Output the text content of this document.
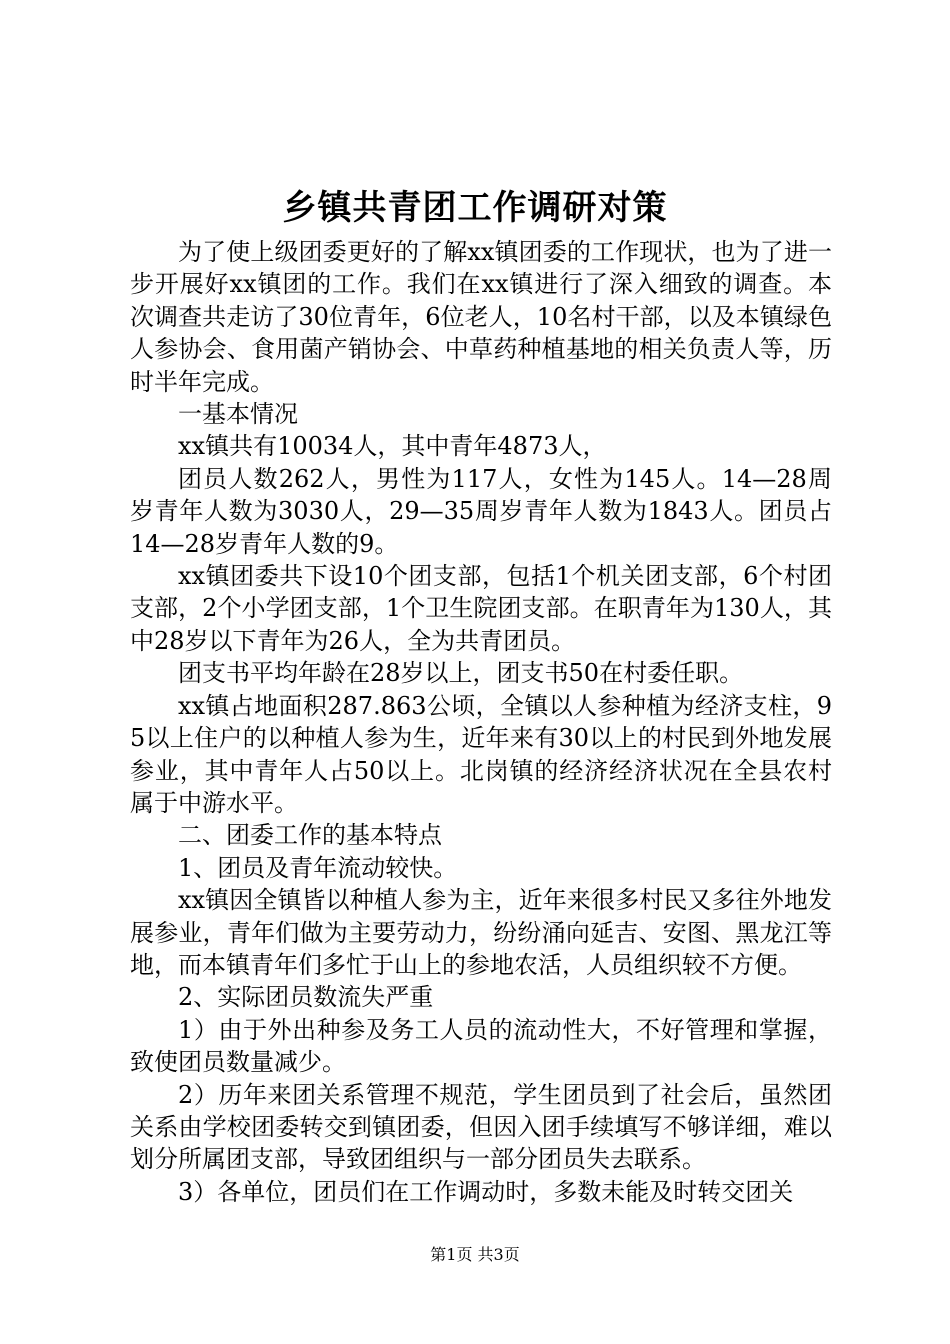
乡镇共青团工作调研对策

为了使上级团委更好的了解xx镇团委的工作现状，也为了进一步开展好xx镇团的工作。我们在xx镇进行了深入细致的调查。本次调查共走访了30位青年，6位老人，10名村干部，以及本镇绿色人参协会、食用菌产销协会、中草药种植基地的相关负责人等，历时半年完成。

一基本情况

xx镇共有10034人，其中青年4873人，

团员人数262人，男性为117人，女性为145人。14—28周岁青年人数为3030人，29—35周岁青年人数为1843人。团员占14—28岁青年人数的9。

xx镇团委共下设10个团支部，包括1个机关团支部，6个村团支部，2个小学团支部，1个卫生院团支部。在职青年为130人，其中28岁以下青年为26人，全为共青团员。

团支书平均年龄在28岁以上，团支书50在村委任职。

xx镇占地面积287.863公顷，全镇以人参种植为经济支柱，95以上住户的以种植人参为生，近年来有30以上的村民到外地发展参业，其中青年人占50以上。北岗镇的经济经济状况在全县农村属于中游水平。

二、团委工作的基本特点

1、团员及青年流动较快。

xx镇因全镇皆以种植人参为主，近年来很多村民又多往外地发展参业，青年们做为主要劳动力，纷纷涌向延吉、安图、黑龙江等地，而本镇青年们多忙于山上的参地农活，人员组织较不方便。

2、实际团员数流失严重

1）由于外出种参及务工人员的流动性大，不好管理和掌握，致使团员数量减少。

2）历年来团关系管理不规范，学生团员到了社会后，虽然团关系由学校团委转交到镇团委，但因入团手续填写不够详细，难以划分所属团支部，导致团组织与一部分团员失去联系。

3）各单位，团员们在工作调动时，多数未能及时转交团关

第1页 共3页
